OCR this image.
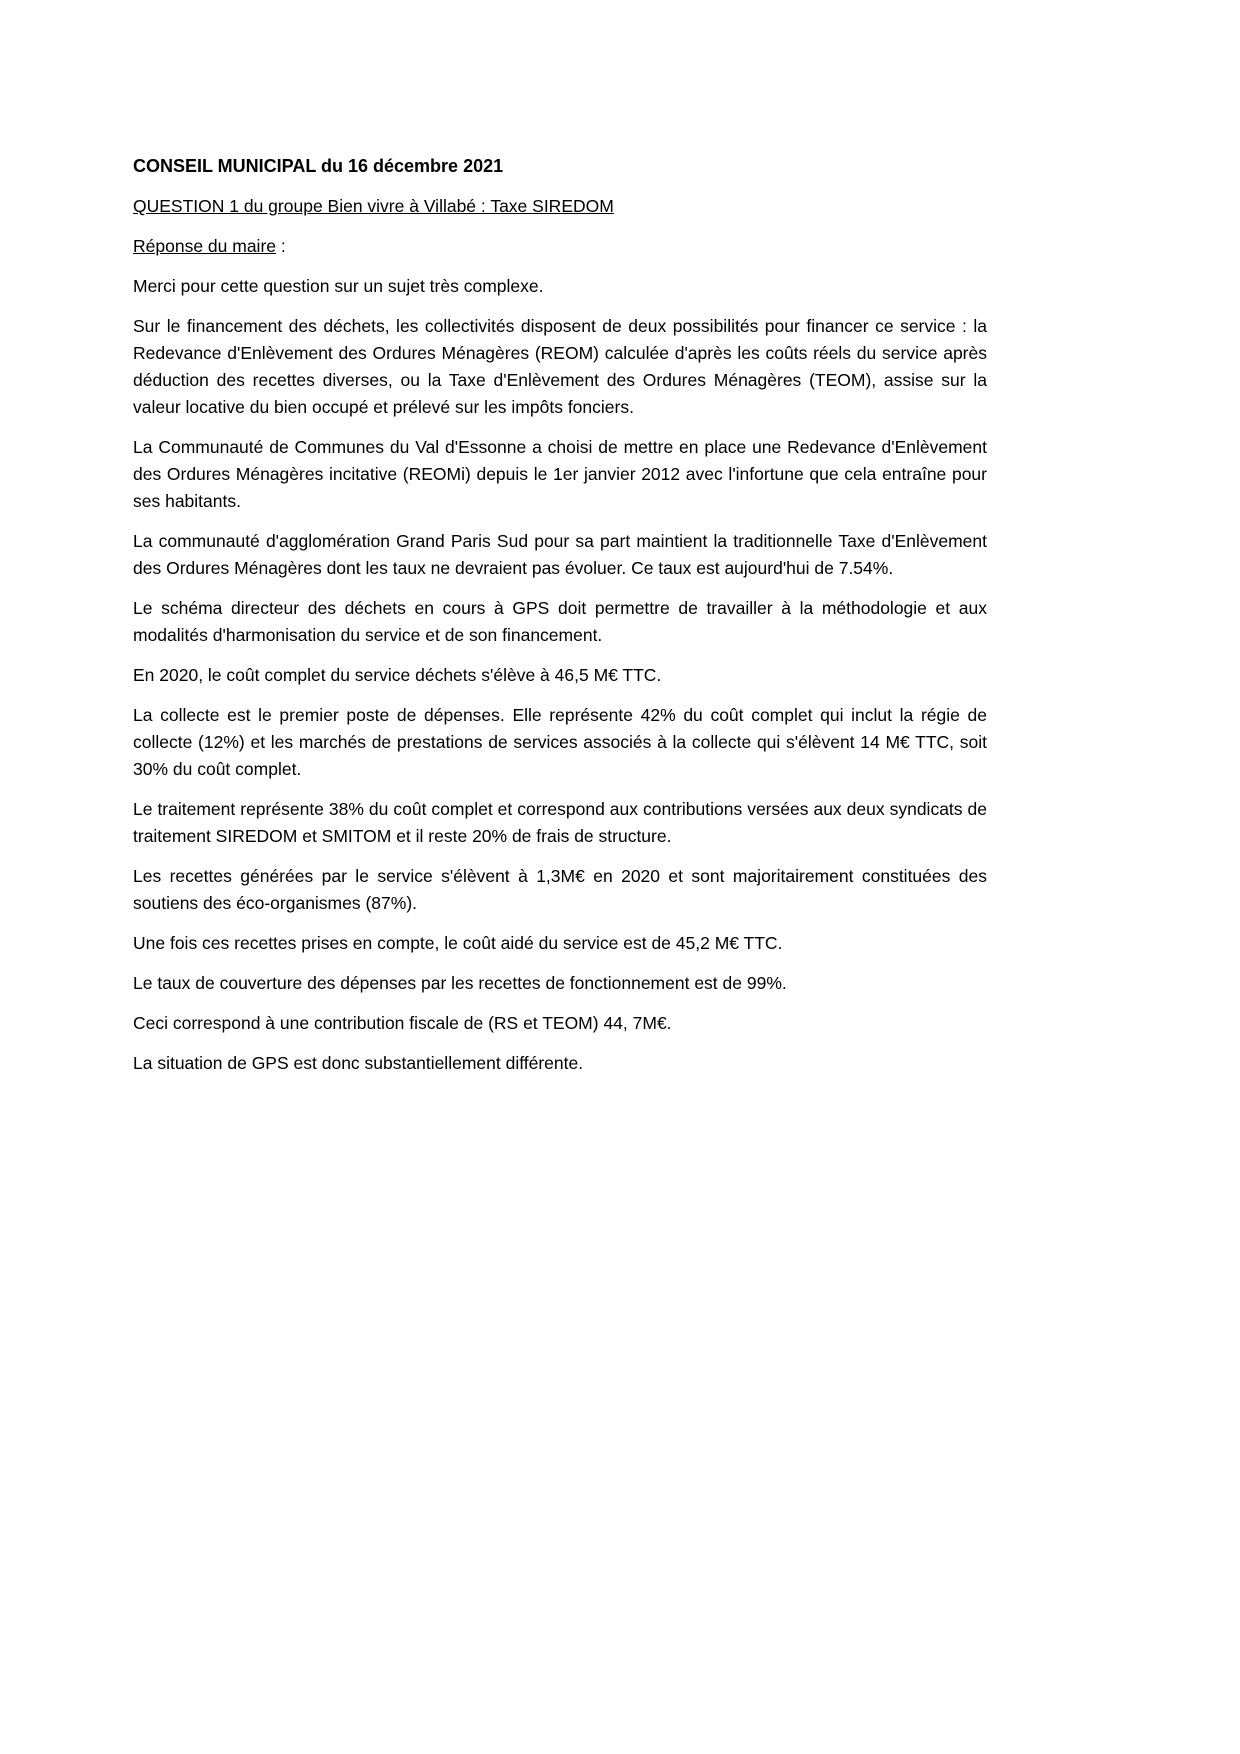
CONSEIL MUNICIPAL du 16 décembre 2021

QUESTION 1 du groupe Bien vivre à Villabé : Taxe SIREDOM

Réponse du maire :

Merci pour cette question sur un sujet très complexe.

Sur le financement des déchets, les collectivités disposent de deux possibilités pour financer ce service : la Redevance d'Enlèvement des Ordures Ménagères (REOM) calculée d'après les coûts réels du service après déduction des recettes diverses, ou la Taxe d'Enlèvement des Ordures Ménagères (TEOM), assise sur la valeur locative du bien occupé et prélevé sur les impôts fonciers.

La Communauté de Communes du Val d'Essonne a choisi de mettre en place une Redevance d'Enlèvement des Ordures Ménagères incitative (REOMi) depuis le 1er janvier 2012 avec l'infortune que cela entraîne pour ses habitants.

La communauté d'agglomération Grand Paris Sud pour sa part maintient la traditionnelle Taxe d'Enlèvement des Ordures Ménagères dont les taux ne devraient pas évoluer. Ce taux est aujourd'hui de 7.54%.

Le schéma directeur des déchets en cours à GPS doit permettre de travailler à la méthodologie et aux modalités d'harmonisation du service et de son financement.

En 2020, le coût complet du service déchets s'élève à 46,5 M€ TTC.

La collecte est le premier poste de dépenses. Elle représente 42% du coût complet qui inclut la régie de collecte (12%) et les marchés de prestations de services associés à la collecte qui s'élèvent 14 M€ TTC, soit 30% du coût complet.

Le traitement représente 38% du coût complet et correspond aux contributions versées aux deux syndicats de traitement SIREDOM et SMITOM et il reste 20% de frais de structure.

Les recettes générées par le service s'élèvent à 1,3M€ en 2020 et sont majoritairement constituées des soutiens des éco-organismes (87%).

Une fois ces recettes prises en compte, le coût aidé du service est de 45,2 M€ TTC.

Le taux de couverture des dépenses par les recettes de fonctionnement est de 99%.

Ceci correspond à une contribution fiscale de (RS et TEOM) 44, 7M€.

La situation de GPS est donc substantiellement différente.
